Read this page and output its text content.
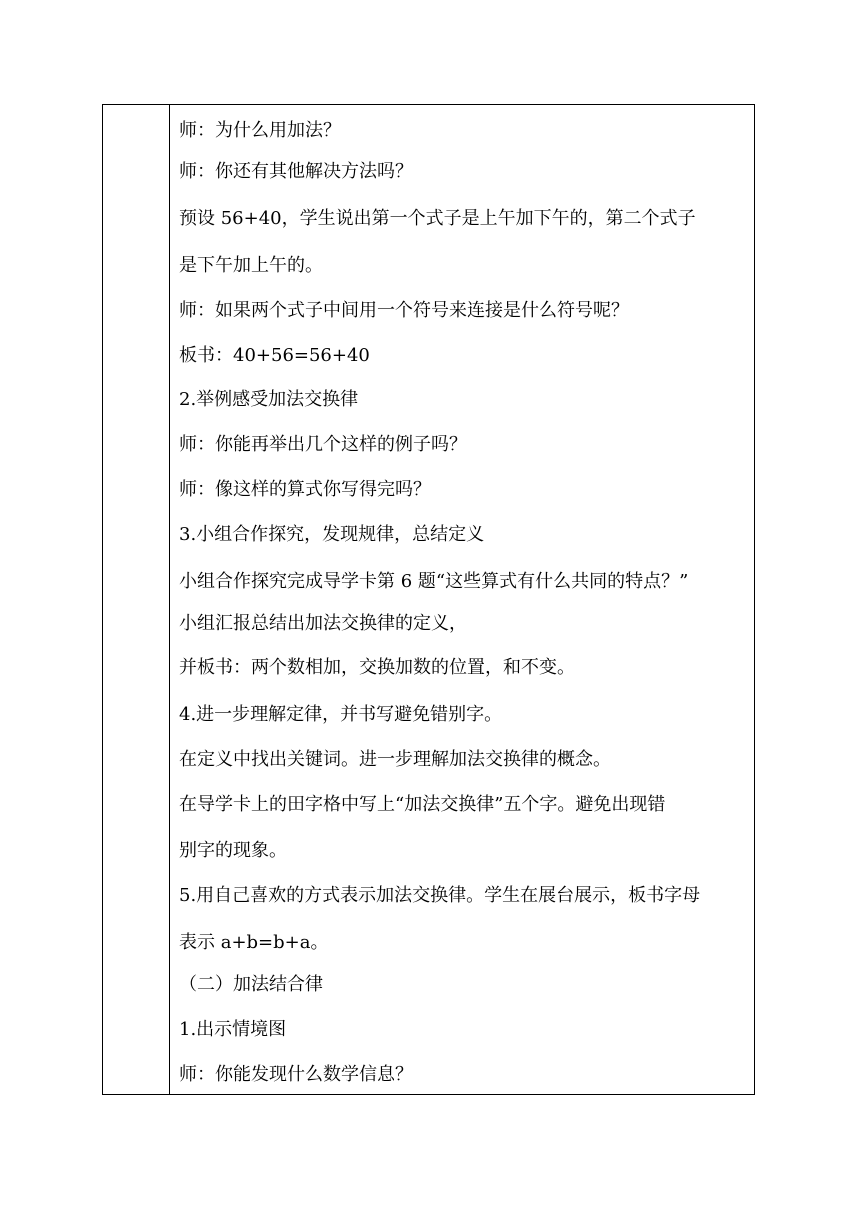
师：为什么用加法？
师：你还有其他解决方法吗？
预设 56+40，学生说出第一个式子是上午加下午的，第二个式子
是下午加上午的。
师：如果两个式子中间用一个符号来连接是什么符号呢？
板书：40+56=56+40
2.举例感受加法交换律
师：你能再举出几个这样的例子吗？
师：像这样的算式你写得完吗？
3.小组合作探究，发现规律，总结定义
小组合作探究完成导学卡第 6 题“这些算式有什么共同的特点？”
小组汇报总结出加法交换律的定义，
并板书：两个数相加，交换加数的位置，和不变。
4.进一步理解定律，并书写避免错别字。
在定义中找出关键词。进一步理解加法交换律的概念。
在导学卡上的田字格中写上“加法交换律”五个字。避免出现错
别字的现象。
5.用自己喜欢的方式表示加法交换律。学生在展台展示，板书字母
表示 a+b=b+a。
（二）加法结合律
1.出示情境图
师：你能发现什么数学信息？
